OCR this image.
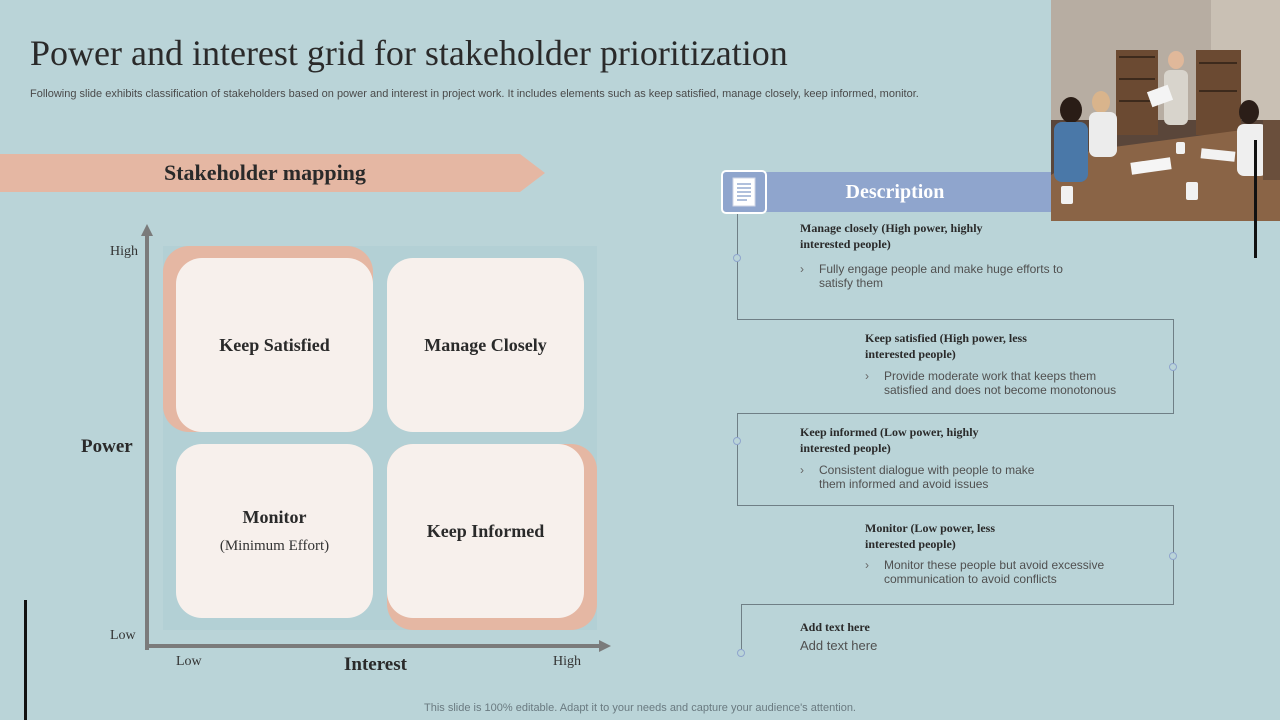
Power and interest grid for stakeholder prioritization
Following slide exhibits classification of stakeholders based on power and interest in project work. It includes elements such as keep satisfied, manage closely, keep informed, monitor.
Stakeholder mapping
High
Low
Power
Low	High
Interest
Keep Satisfied	Manage Closely
Monitor
(Minimum Effort)
Keep Informed
Description
Manage closely (High power, highly
interested people)
›	Fully engage people and make huge efforts to
satisfy them
Keep satisfied (High power, less
interested people)
›	Provide moderate work that keeps them
satisfied and does not become monotonous
Keep informed (Low power, highly
interested people)
›	Consistent dialogue with people to make
them informed and avoid issues
Monitor (Low power, less
interested people)
›	Monitor these people but avoid excessive
communication to avoid conflicts
Add text here
Add text here
This slide is 100% editable. Adapt it to your needs and capture your audience's attention.
